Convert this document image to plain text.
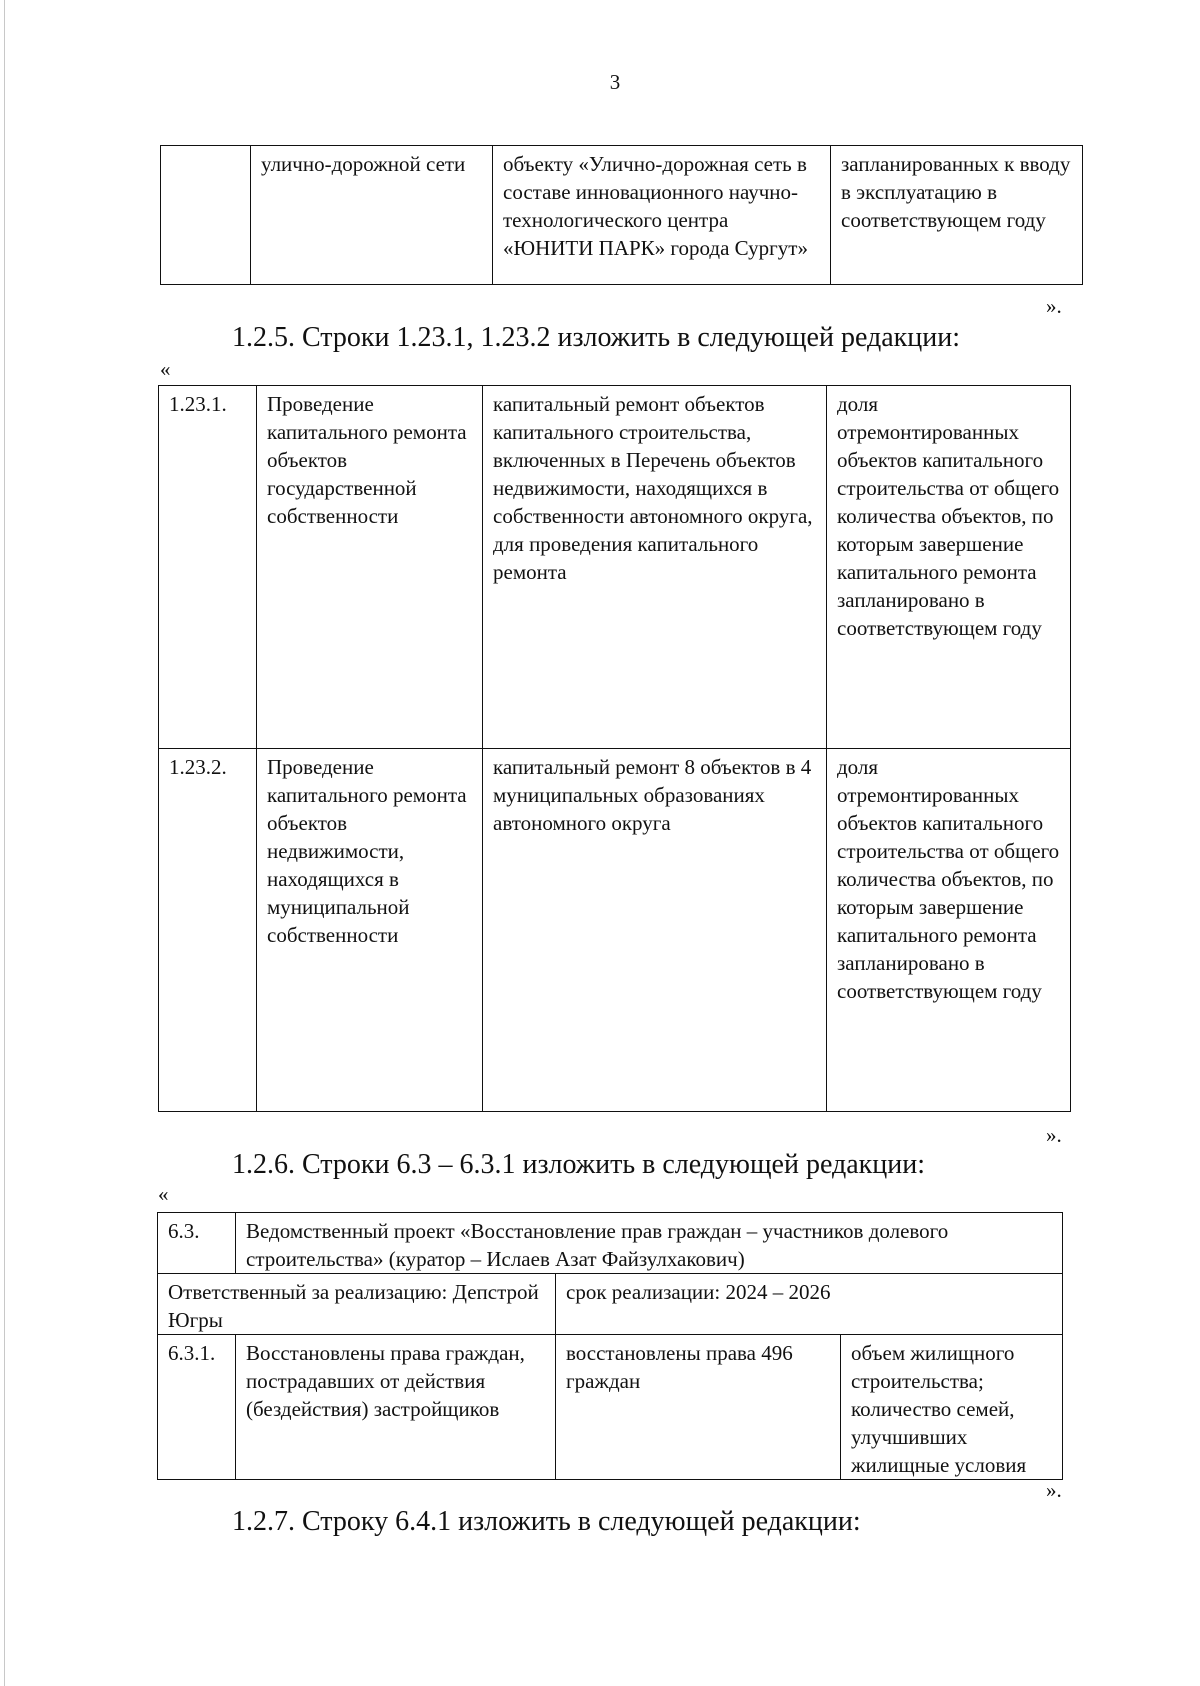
3
	улично-дорожной сети	объекту «Улично-дорожная сеть в составе инновационного научно-технологического центра «ЮНИТИ ПАРК» города Сургут»	запланированных к вводу в эксплуатацию в соответствующем году
».
1.2.5. Строки 1.23.1, 1.23.2 изложить в следующей редакции:
«
1.23.1.	Проведение капитального ремонта объектов государственной собственности	капитальный ремонт объектов капитального строительства, включенных в Перечень объектов недвижимости, находящихся в собственности автономного округа, для проведения капитального ремонта	доля отремонтированных объектов капитального строительства от общего количества объектов, по которым завершение капитального ремонта запланировано в соответствующем году
1.23.2.	Проведение капитального ремонта объектов недвижимости, находящихся в муниципальной собственности	капитальный ремонт 8 объектов в 4 муниципальных образованиях автономного округа	доля отремонтированных объектов капитального строительства от общего количества объектов, по которым завершение капитального ремонта запланировано в соответствующем году
».
1.2.6. Строки 6.3 – 6.3.1 изложить в следующей редакции:
«
6.3.	Ведомственный проект «Восстановление прав граждан – участников долевого строительства» (куратор – Ислаев Азат Файзулхакович)		
Ответственный за реализацию: Депстрой Югры		срок реализации: 2024 – 2026	
6.3.1.	Восстановлены права граждан, пострадавших от действия (бездействия) застройщиков	восстановлены права 496 граждан	объем жилищного строительства; количество семей, улучшивших жилищные условия
».
1.2.7. Строку 6.4.1 изложить в следующей редакции:
